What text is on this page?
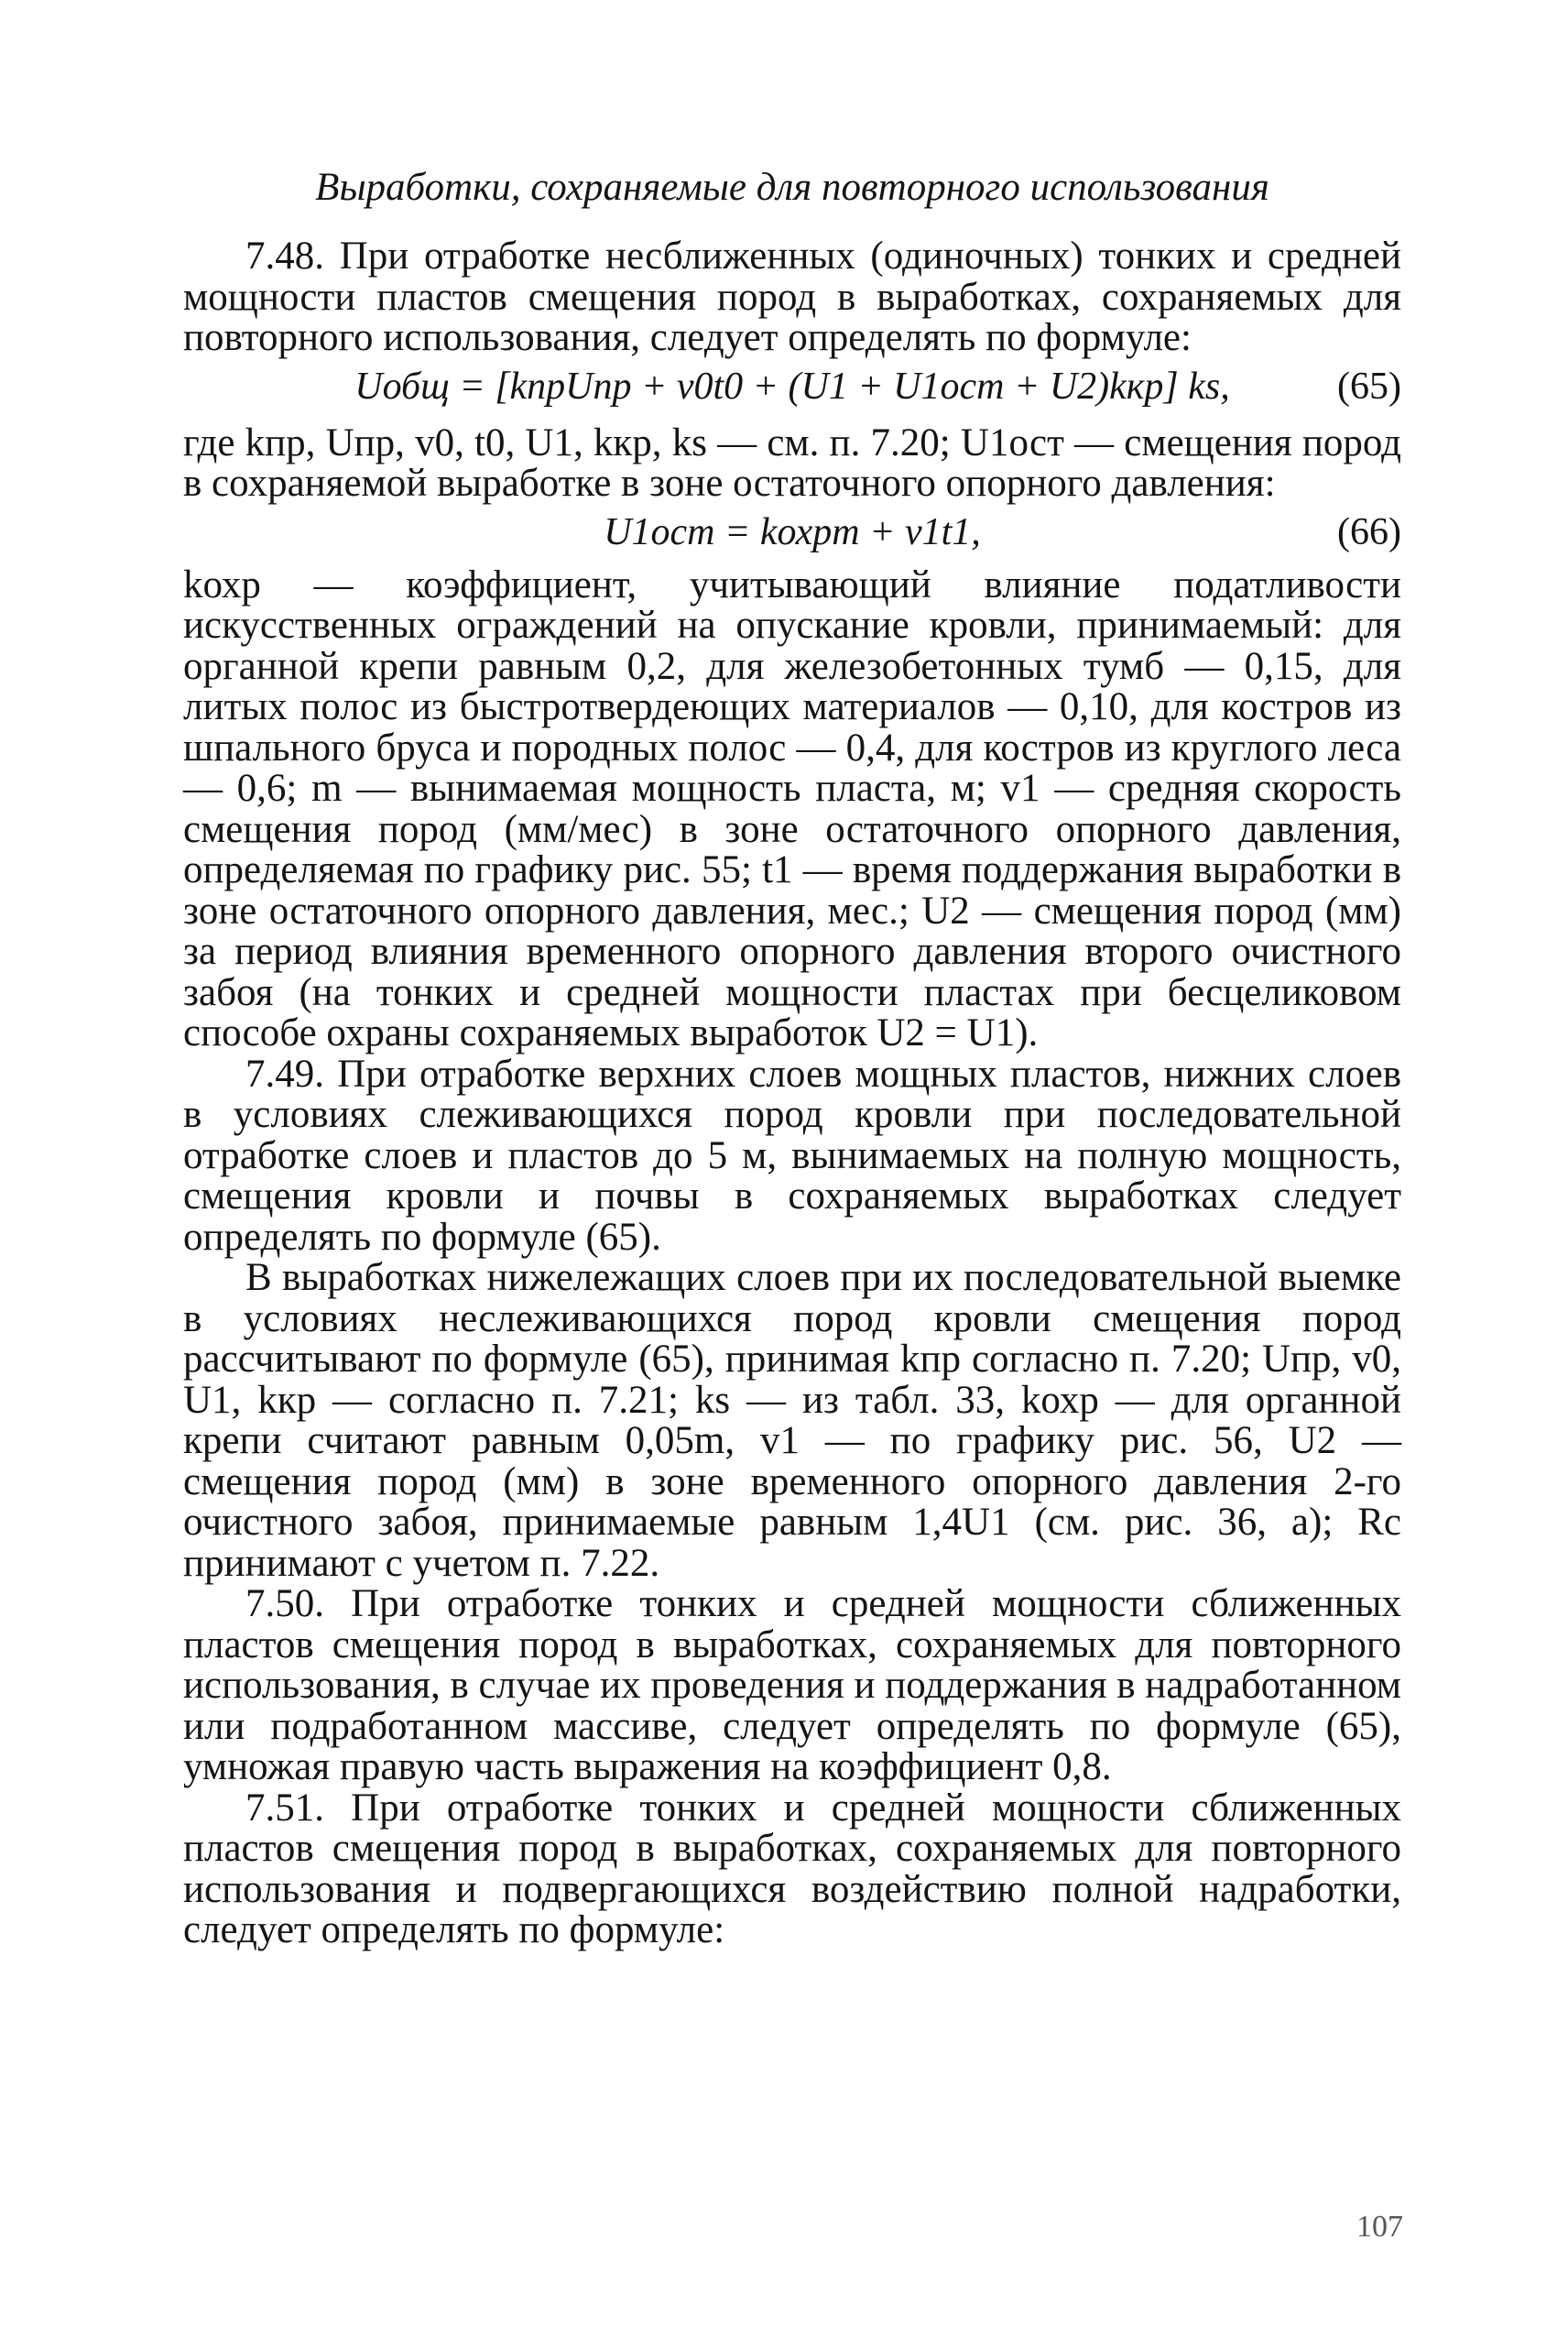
Выработки, сохраняемые для повторного использования

7.48. При отработке несближенных (одиночных) тонких и средней мощности пластов смещения пород в выработках, сохраняемых для повторного использования, следует определять по формуле:

Uобщ = [kпрUпр + v0t0 + (U1 + U1ост + U2)kкр] ks,	(65)

где kпр, Uпр, v0, t0, U1, kкр, ks — см. п. 7.20; U1ост — смещения пород в сохраняемой выработке в зоне остаточного опорного давления:

U1ост = kохрm + v1t1,	(66)

kохр — коэффициент, учитывающий влияние податливости искусственных ограждений на опускание кровли, принимаемый: для органной крепи равным 0,2, для железобетонных тумб — 0,15, для литых полос из быстротвердеющих материалов — 0,10, для костров из шпального бруса и породных полос — 0,4, для костров из круглого леса — 0,6; m — вынимаемая мощность пласта, м; v1 — средняя скорость смещения пород (мм/мес) в зоне остаточного опорного давления, определяемая по графику рис. 55; t1 — время поддержания выработки в зоне остаточного опорного давления, мес.; U2 — смещения пород (мм) за период влияния временного опорного давления второго очистного забоя (на тонких и средней мощности пластах при бесцеликовом способе охраны сохраняемых выработок U2 = U1).

7.49. При отработке верхних слоев мощных пластов, нижних слоев в условиях слеживающихся пород кровли при последовательной отработке слоев и пластов до 5 м, вынимаемых на полную мощность, смещения кровли и почвы в сохраняемых выработках следует определять по формуле (65).

В выработках нижележащих слоев при их последовательной выемке в условиях неслеживающихся пород кровли смещения пород рассчитывают по формуле (65), принимая kпр согласно п. 7.20; Uпр, v0, U1, kкр — согласно п. 7.21; ks — из табл. 33, kохр — для органной крепи считают равным 0,05m, v1 — по графику рис. 56, U2 — смещения пород (мм) в зоне временного опорного давления 2-го очистного забоя, принимаемые равным 1,4U1 (см. рис. 36, а); Rс принимают с учетом п. 7.22.

7.50. При отработке тонких и средней мощности сближенных пластов смещения пород в выработках, сохраняемых для повторного использования, в случае их проведения и поддержания в надработанном или подработанном массиве, следует определять по формуле (65), умножая правую часть выражения на коэффициент 0,8.

7.51. При отработке тонких и средней мощности сближенных пластов смещения пород в выработках, сохраняемых для повторного использования и подвергающихся воздействию полной надработки, следует определять по формуле:

107
